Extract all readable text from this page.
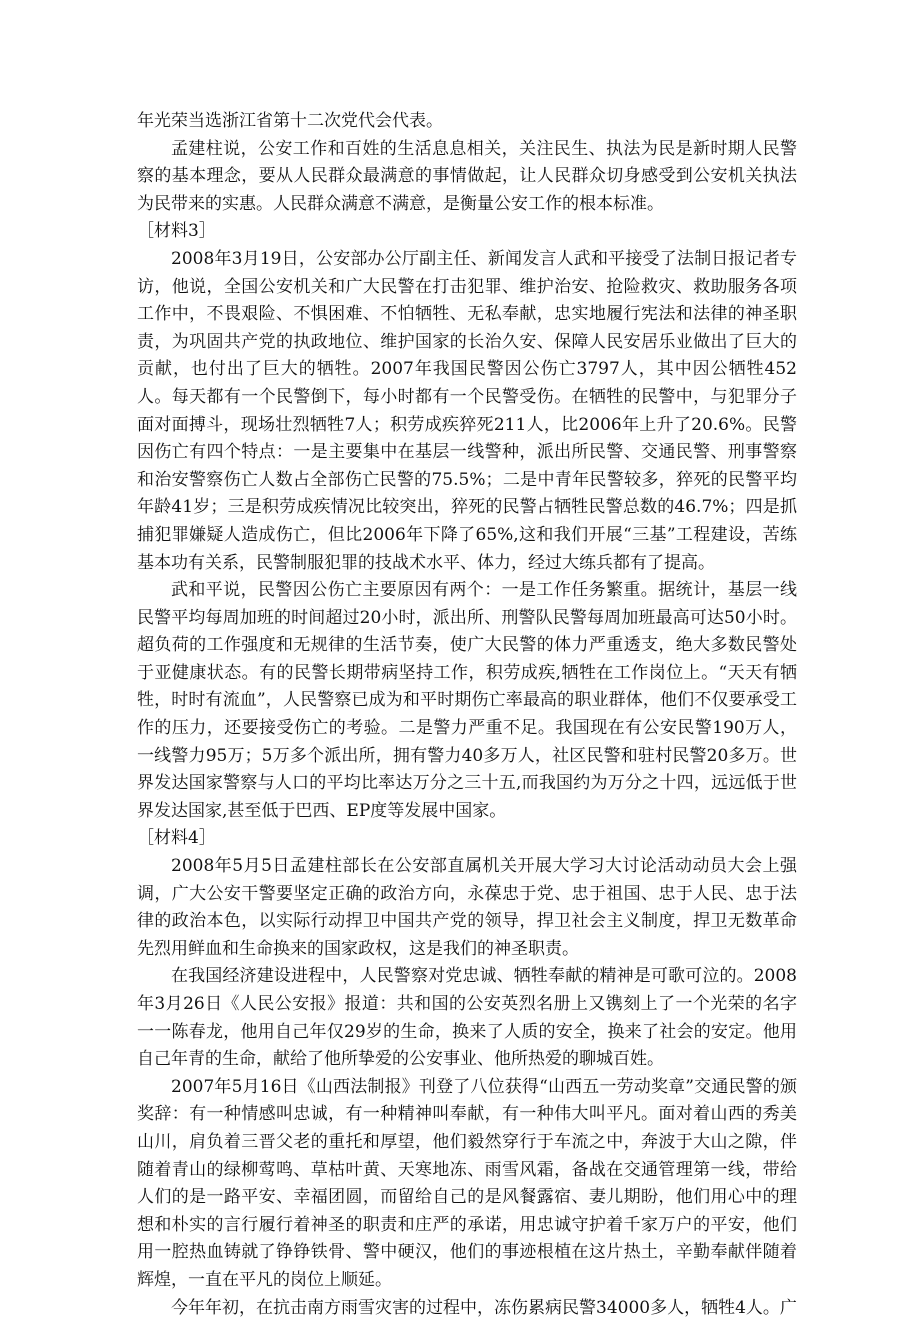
年光荣当选浙江省第十二次党代会代表。

孟建柱说，公安工作和百姓的生活息息相关，关注民生、执法为民是新时期人民警察的基本理念，要从人民群众最满意的事情做起，让人民群众切身感受到公安机关执法为民带来的实惠。人民群众满意不满意，是衡量公安工作的根本标准。

［材料3］

2008年3月19日，公安部办公厅副主任、新闻发言人武和平接受了法制日报记者专访，他说，全国公安机关和广大民警在打击犯罪、维护治安、抢险救灾、救助服务各项工作中，不畏艰险、不惧困难、不怕牺牲、无私奉献，忠实地履行宪法和法律的神圣职责，为巩固共产党的执政地位、维护国家的长治久安、保障人民安居乐业做出了巨大的贡献，也付出了巨大的牺牲。2007年我国民警因公伤亡3797人，其中因公牺牲452人。每天都有一个民警倒下，每小时都有一个民警受伤。在牺牲的民警中，与犯罪分子面对面搏斗，现场壮烈牺牲7人；积劳成疾猝死211人，比2006年上升了20.6%。民警因伤亡有四个特点：一是主要集中在基层一线警种，派出所民警、交通民警、刑事警察和治安警察伤亡人数占全部伤亡民警的75.5%；二是中青年民警较多，猝死的民警平均年龄41岁；三是积劳成疾情况比较突出，猝死的民警占牺牲民警总数的46.7%；四是抓捕犯罪嫌疑人造成伤亡，但比2006年下降了65%,这和我们开展“三基”工程建设，苦练基本功有关系，民警制服犯罪的技战术水平、体力，经过大练兵都有了提高。

武和平说，民警因公伤亡主要原因有两个：一是工作任务繁重。据统计，基层一线民警平均每周加班的时间超过20小时，派出所、刑警队民警每周加班最高可达50小时。超负荷的工作强度和无规律的生活节奏，使广大民警的体力严重透支，绝大多数民警处于亚健康状态。有的民警长期带病坚持工作，积劳成疾,牺牲在工作岗位上。“天天有牺牲，时时有流血”，人民警察已成为和平时期伤亡率最高的职业群体，他们不仅要承受工作的压力，还要接受伤亡的考验。二是警力严重不足。我国现在有公安民警190万人，一线警力95万；5万多个派出所，拥有警力40多万人，社区民警和驻村民警20多万。世界发达国家警察与人口的平均比率达万分之三十五,而我国约为万分之十四，远远低于世界发达国家,甚至低于巴西、EP度等发展中国家。

［材料4］

2008年5月5日孟建柱部长在公安部直属机关开展大学习大讨论活动动员大会上强调，广大公安干警要坚定正确的政治方向，永葆忠于党、忠于祖国、忠于人民、忠于法律的政治本色，以实际行动捍卫中国共产党的领导，捍卫社会主义制度，捍卫无数革命先烈用鲜血和生命换来的国家政权，这是我们的神圣职责。

在我国经济建设进程中，人民警察对党忠诚、牺牲奉献的精神是可歌可泣的。2008年3月26日《人民公安报》报道：共和国的公安英烈名册上又镌刻上了一个光荣的名字一一陈春龙，他用自己年仅29岁的生命，换来了人质的安全，换来了社会的安定。他用自己年青的生命，献给了他所挚爱的公安事业、他所热爱的聊城百姓。

2007年5月16日《山西法制报》刊登了八位获得“山西五一劳动奖章”交通民警的颁奖辞：有一种情感叫忠诚，有一种精神叫奉献，有一种伟大叫平凡。面对着山西的秀美山川，肩负着三晋父老的重托和厚望，他们毅然穿行于车流之中，奔波于大山之隙，伴随着青山的绿柳莺鸣、草枯叶黄、天寒地冻、雨雪风霜，备战在交通管理第一线，带给人们的是一路平安、幸福团圆，而留给自己的是风餐露宿、妻儿期盼，他们用心中的理想和朴实的言行履行着神圣的职责和庄严的承诺，用忠诚守护着千家万户的平安，他们用一腔热血铸就了铮铮铁骨、警中硬汉，他们的事迹根植在这片热土，辛勤奉献伴随着辉煌，一直在平凡的岗位上顺延。

今年年初，在抗击南方雨雪灾害的过程中，冻伤累病民警34000多人，牺牲4人。广
